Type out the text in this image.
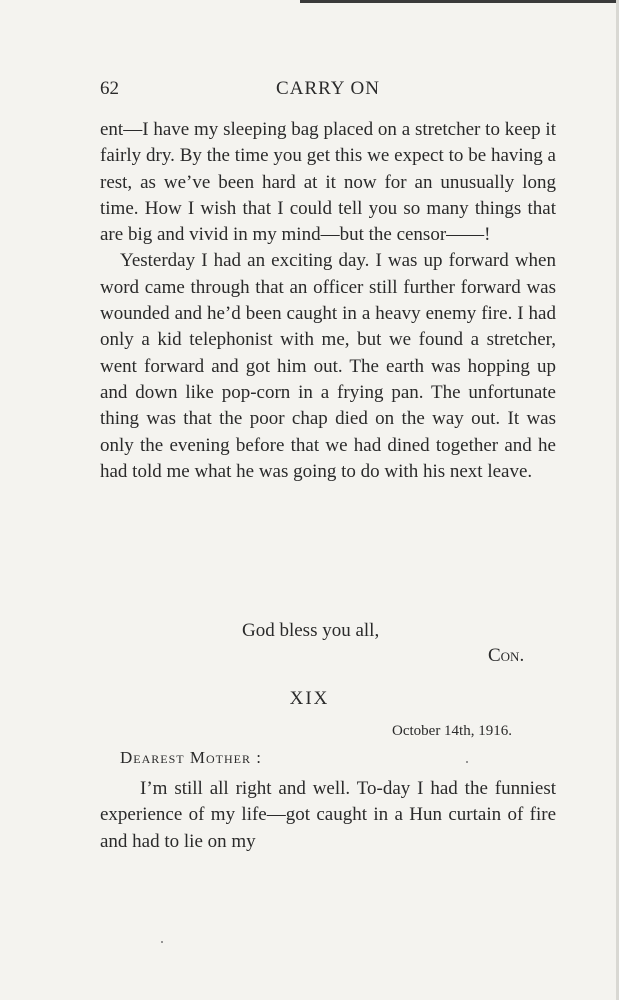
62	CARRY ON

ent—I have my sleeping bag placed on a stretcher to keep it fairly dry. By the time you get this we expect to be having a rest, as we’ve been hard at it now for an unusually long time. How I wish that I could tell you so many things that are big and vivid in my mind—but the censor——!

Yesterday I had an exciting day. I was up forward when word came through that an officer still further forward was wounded and he’d been caught in a heavy enemy fire. I had only a kid telephonist with me, but we found a stretcher, went forward and got him out. The earth was hopping up and down like pop-corn in a frying pan. The unfortunate thing was that the poor chap died on the way out. It was only the evening before that we had dined together and he had told me what he was going to do with his next leave.

God bless you all,
Con.
XIX
October 14th, 1916.
Dearest Mother :

I’m still all right and well. To-day I had the funniest experience of my life—got caught in a Hun curtain of fire and had to lie on my
